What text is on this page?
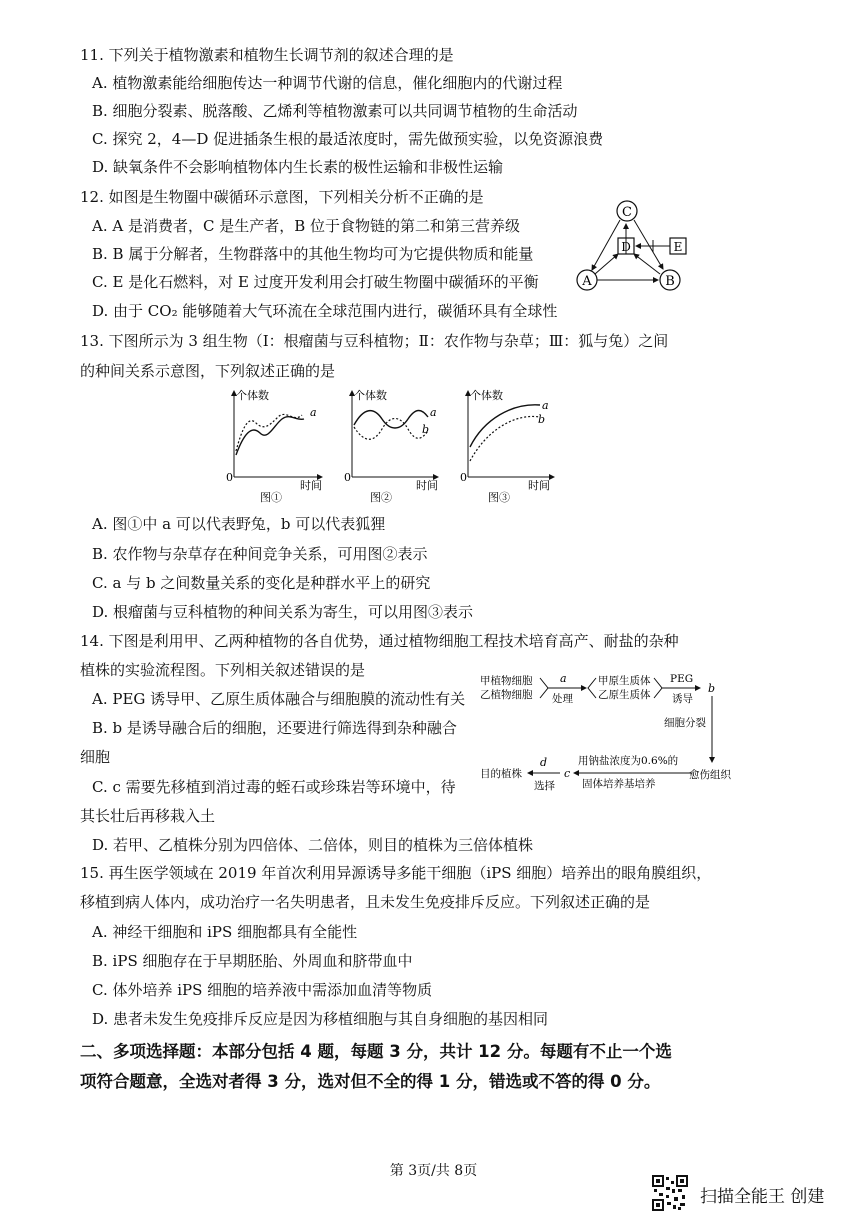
11. 下列关于植物激素和植物生长调节剂的叙述合理的是
A. 植物激素能给细胞传达一种调节代谢的信息，催化细胞内的代谢过程
B. 细胞分裂素、脱落酸、乙烯利等植物激素可以共同调节植物的生命活动
C. 探究 2，4—D 促进插条生根的最适浓度时，需先做预实验，以免资源浪费
D. 缺氧条件不会影响植物体内生长素的极性运输和非极性运输
12. 如图是生物圈中碳循环示意图，下列相关分析不正确的是
A. A 是消费者，C 是生产者，B 位于食物链的第二和第三营养级
B. B 属于分解者，生物群落中的其他生物均可为它提供物质和能量
C. E 是化石燃料，对 E 过度开发利用会打破生物圈中碳循环的平衡
D. 由于 CO₂ 能够随着大气环流在全球范围内进行，碳循环具有全球性
C
D	E
A	B
13. 下图所示为 3 组生物（Ⅰ：根瘤菌与豆科植物；Ⅱ：农作物与杂草；Ⅲ：狐与兔）之间
的种间关系示意图，下列叙述正确的是
个体数
时间
0
a
图①
个体数
时间
0
a
b
图②
个体数
时间
0
a
b
图③
A. 图①中 a 可以代表野兔，b 可以代表狐狸
B. 农作物与杂草存在种间竞争关系，可用图②表示
C. a 与 b 之间数量关系的变化是种群水平上的研究
D. 根瘤菌与豆科植物的种间关系为寄生，可以用图③表示
14. 下图是利用甲、乙两种植物的各自优势，通过植物细胞工程技术培育高产、耐盐的杂种
植株的实验流程图。下列相关叙述错误的是
A. PEG 诱导甲、乙原生质体融合与细胞膜的流动性有关
B. b 是诱导融合后的细胞，还要进行筛选得到杂种融合
细胞
C. c 需要先移植到消过毒的蛭石或珍珠岩等环境中，待
其长壮后再移栽入土
D. 若甲、乙植株分别为四倍体、二倍体，则目的植株为三倍体植株
甲植物细胞
乙植物细胞
a
处理
甲原生质体
乙原生质体
PEG
诱导
b
细胞分裂
愈伤组织
用钠盐浓度为0.6%的
固体培养基培养
c
d
选择
目的植株
15. 再生医学领域在 2019 年首次利用异源诱导多能干细胞（iPS 细胞）培养出的眼角膜组织，
移植到病人体内，成功治疗一名失明患者，且未发生免疫排斥反应。下列叙述正确的是
A. 神经干细胞和 iPS 细胞都具有全能性
B. iPS 细胞存在于早期胚胎、外周血和脐带血中
C. 体外培养 iPS 细胞的培养液中需添加血清等物质
D. 患者未发生免疫排斥反应是因为移植细胞与其自身细胞的基因相同
二、多项选择题：本部分包括 4 题，每题 3 分，共计 12 分。每题有不止一个选
项符合题意，全选对者得 3 分，选对但不全的得 1 分，错选或不答的得 0 分。
第 3页/共 8页
扫描全能王 创建
